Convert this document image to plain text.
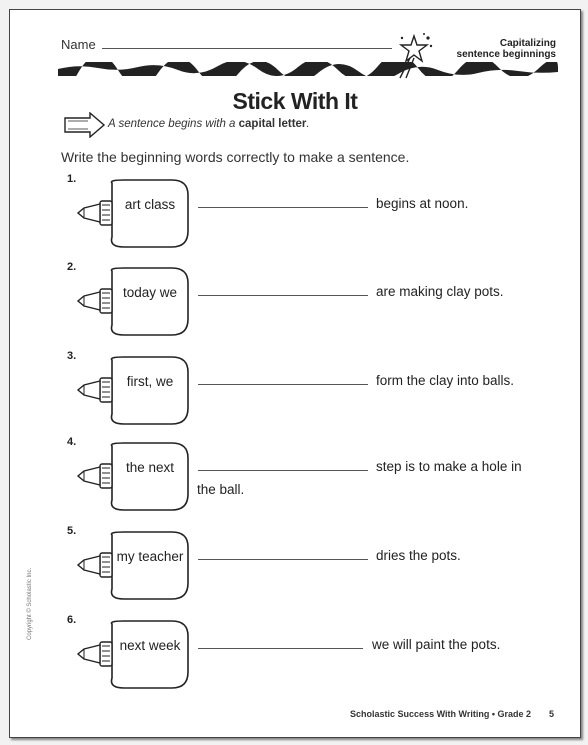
Name	Capitalizing
sentence beginnings
Stick With It
A sentence begins with a capital letter.
Write the beginning words correctly to make a sentence.
1.
art class	begins at noon.
2.
today we	are making clay pots.
3.
first, we	form the clay into balls.
4.
the next	step is to make a hole in
the ball.
5.
my teacher	dries the pots.
6.
next week	we will paint the pots.
Copyright © Scholastic Inc.
Scholastic Success With Writing • Grade 2 5
